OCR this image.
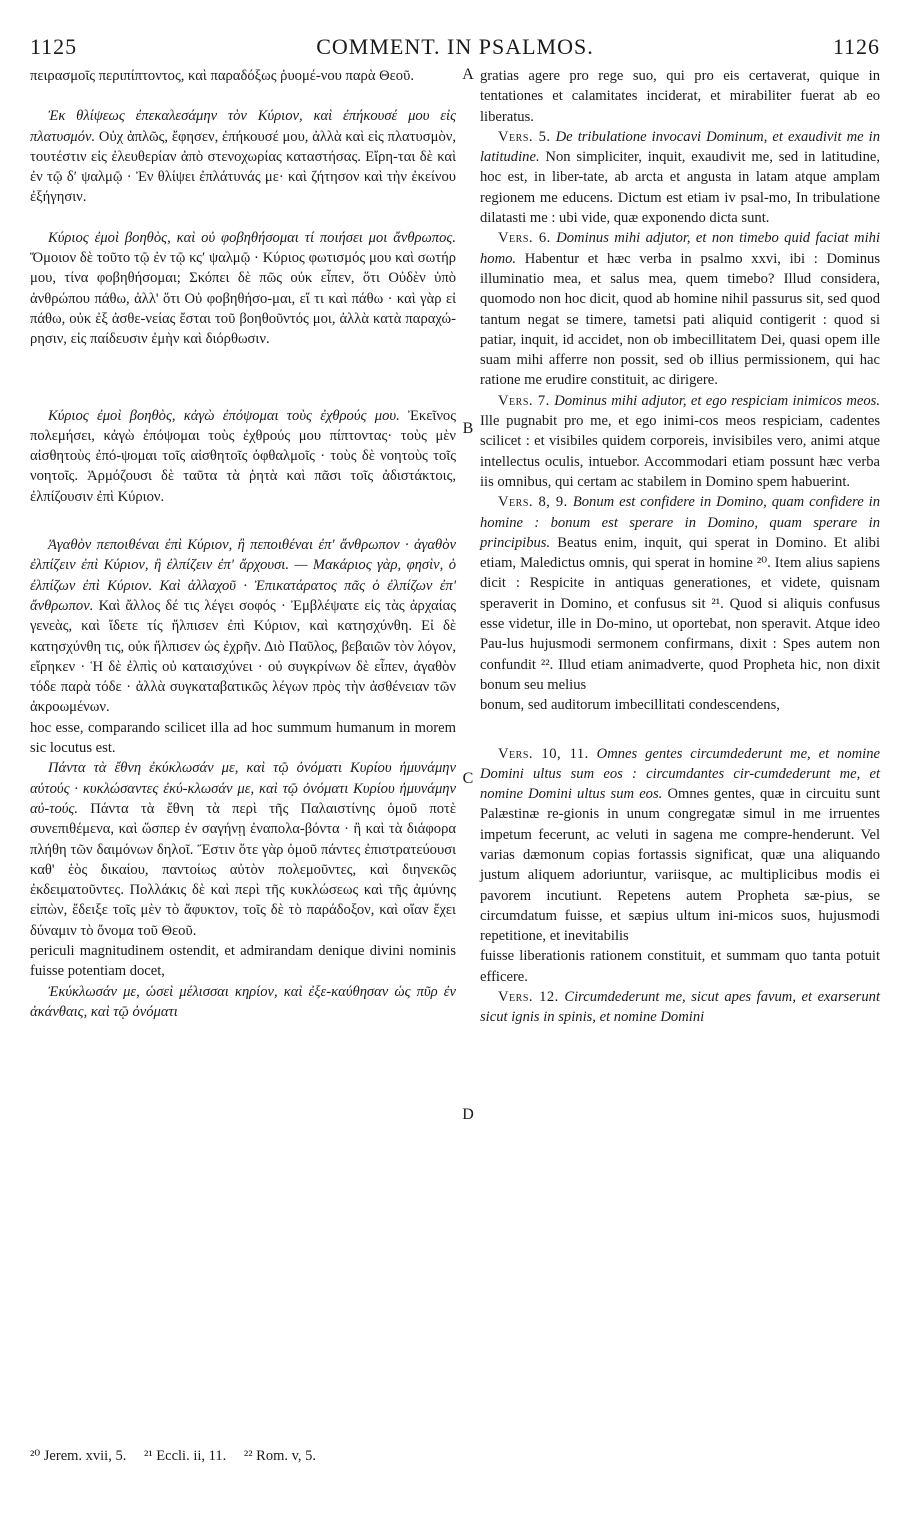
1125	COMMENT. IN PSALMOS.	1126

πειρασμοῖς περιπίπτοντος, καὶ παραδόξως ῥυομέ-νου παρὰ Θεοῦ.

Ἐκ θλίψεως ἐπεκαλεσάμην τὸν Κύριον, καὶ ἐπήκουσέ μου εἰς πλατυσμόν. Οὐχ ἁπλῶς, ἔφησεν, ἐπήκουσέ μου, ἀλλὰ καὶ εἰς πλατυσμὸν, τουτέστιν εἰς ἐλευθερίαν ἀπὸ στενοχωρίας καταστήσας. Εἴρη-ται δὲ καὶ ἐν τῷ δʹ ψαλμῷ · Ἐν θλίψει ἐπλάτυνάς με· καὶ ζήτησον καὶ τὴν ἐκείνου ἐξήγησιν.

Κύριος ἐμοὶ βοηθὸς, καὶ οὐ φοβηθήσομαι τί ποιήσει μοι ἄνθρωπος. Ὅμοιον δὲ τοῦτο τῷ ἐν τῷ κςʹ ψαλμῷ · Κύριος φωτισμός μου καὶ σωτήρ μου, τίνα φοβηθήσομαι; Σκόπει δὲ πῶς οὐκ εἶπεν, ὅτι Οὐδὲν ὑπὸ ἀνθρώπου πάθω, ἀλλ' ὅτι Οὐ φοβηθήσο-μαι, εἴ τι καὶ πάθω · καὶ γὰρ εἰ πάθω, οὐκ ἐξ ἀσθε-νείας ἔσται τοῦ βοηθοῦντός μοι, ἀλλὰ κατὰ παραχώ-ρησιν, εἰς παίδευσιν ἐμὴν καὶ διόρθωσιν.

Κύριος ἐμοὶ βοηθὸς, κἀγὼ ἐπόψομαι τοὺς ἐχθρούς μου. Ἐκεῖνος πολεμήσει, κἀγὼ ἐπόψομαι τοὺς ἐχθρούς μου πίπτοντας· τοὺς μὲν αἰσθητοὺς ἐπό-ψομαι τοῖς αἰσθητοῖς ὀφθαλμοῖς · τοὺς δὲ νοητοὺς τοῖς νοητοῖς. Ἁρμόζουσι δὲ ταῦτα τὰ ῥητὰ καὶ πᾶσι τοῖς ἀδιστάκτοις, ἐλπίζουσιν ἐπὶ Κύριον.

Ἀγαθὸν πεποιθέναι ἐπὶ Κύριον, ἢ πεποιθέναι ἐπ' ἄνθρωπον · ἀγαθὸν ἐλπίζειν ἐπὶ Κύριον, ἢ ἐλπίζειν ἐπ' ἄρχουσι. — Μακάριος γὰρ, φησὶν, ὁ ἐλπίζων ἐπὶ Κύριον. Καὶ ἀλλαχοῦ · Ἐπικατάρατος πᾶς ὁ ἐλπίζων ἐπ' ἄνθρωπον. Καὶ ἄλλος δέ τις λέγει σοφός · Ἐμβλέψατε εἰς τὰς ἀρχαίας γενεὰς, καὶ ἴδετε τίς ἤλπισεν ἐπὶ Κύριον, καὶ κατησχύνθη. Εἰ δὲ κατησχύνθη τις, οὐκ ἤλπισεν ὡς ἐχρῆν. Διὸ Παῦλος, βεβαιῶν τὸν λόγον, εἴρηκεν · Ἡ δὲ ἐλπὶς οὐ καταισχύνει · οὐ συγκρίνων δὲ εἶπεν, ἀγαθὸν τόδε παρὰ τόδε · ἀλλὰ συγκαταβατικῶς λέγων πρὸς τὴν ἀσθένειαν τῶν ἀκροωμένων.

hoc esse, comparando scilicet illa ad hoc summum humanum in morem sic locutus est.

Πάντα τὰ ἔθνη ἐκύκλωσάν με, καὶ τῷ ὀνόματι Κυρίου ἠμυνάμην αὐτούς · κυκλώσαντες ἐκύ-κλωσάν με, καὶ τῷ ὀνόματι Κυρίου ἠμυνάμην αὐ-τούς. Πάντα τὰ ἔθνη τὰ περὶ τῆς Παλαιστίνης ὁμοῦ ποτὲ συνεπιθέμενα, καὶ ὥσπερ ἐν σαγήνῃ ἐναπολα-βόντα · ἢ καὶ τὰ διάφορα πλήθη τῶν δαιμόνων δηλοῖ. Ἔστιν ὅτε γὰρ ὁμοῦ πάντες ἐπιστρατεύουσι καθ' ἑὸς δικαίου, παντοίως αὐτὸν πολεμοῦντες, καὶ διηνεκῶς ἐκδειματοῦντες. Πολλάκις δὲ καὶ περὶ τῆς κυκλώσεως καὶ τῆς ἀμύνης εἰπὼν, ἔδειξε τοῖς μὲν τὸ ἄφυκτον, τοῖς δὲ τὸ παράδοξον, καὶ οἵαν ἔχει δύναμιν τὸ ὄνομα τοῦ Θεοῦ.

periculi magnitudinem ostendit, et admirandam denique divini nominis fuisse potentiam docet,

Ἐκύκλωσάν με, ὡσεὶ μέλισσαι κηρίον, καὶ ἐξε-καύθησαν ὡς πῦρ ἐν ἀκάνθαις, καὶ τῷ ὀνόματι

A
B
C
D

gratias agere pro rege suo, qui pro eis certaverat, quique in tentationes et calamitates inciderat, et mirabiliter fuerat ab eo liberatus.

Vers. 5. De tribulatione invocavi Dominum, et exaudivit me in latitudine. Non simpliciter, inquit, exaudivit me, sed in latitudine, hoc est, in liber-tate, ab arcta et angusta in latam atque amplam regionem me educens. Dictum est etiam iv psal-mo, In tribulatione dilatasti me : ubi vide, quæ exponendo dicta sunt.

Vers. 6. Dominus mihi adjutor, et non timebo quid faciat mihi homo. Habentur et hæc verba in psalmo xxvi, ibi : Dominus illuminatio mea, et salus mea, quem timebo? Illud considera, quomodo non hoc dicit, quod ab homine nihil passurus sit, sed quod tantum negat se timere, tametsi pati aliquid contigerit : quod si patiar, inquit, id accidet, non ob imbecillitatem Dei, quasi opem ille suam mihi afferre non possit, sed ob illius permissionem, qui hac ratione me erudire constituit, ac dirigere.

Vers. 7. Dominus mihi adjutor, et ego respiciam inimicos meos. Ille pugnabit pro me, et ego inimi-cos meos respiciam, cadentes scilicet : et visibiles quidem corporeis, invisibiles vero, animi atque intellectus oculis, intuebor. Accommodari etiam possunt hæc verba iis omnibus, qui certam ac stabilem in Domino spem habuerint.

Vers. 8, 9. Bonum est confidere in Domino, quam confidere in homine : bonum est sperare in Domino, quam sperare in principibus. Beatus enim, inquit, qui sperat in Domino. Et alibi etiam, Maledictus omnis, qui sperat in homine ²⁰. Item alius sapiens dicit : Respicite in antiquas generationes, et videte, quisnam speraverit in Domino, et confusus sit ²¹. Quod si aliquis confusus esse videtur, ille in Do-mino, ut oportebat, non speravit. Atque ideo Pau-lus hujusmodi sermonem confirmans, dixit : Spes autem non confundit ²². Illud etiam animadverte, quod Propheta hic, non dixit bonum seu melius

bonum, sed auditorum imbecillitati condescendens,

Vers. 10, 11. Omnes gentes circumdederunt me, et nomine Domini ultus sum eos : circumdantes cir-cumdederunt me, et nomine Domini ultus sum eos. Omnes gentes, quæ in circuitu sunt Palæstinæ re-gionis in unum congregatæ simul in me irruentes impetum fecerunt, ac veluti in sagena me compre-henderunt. Vel varias dæmonum copias fortassis significat, quæ una aliquando justum aliquem adoriuntur, variisque, ac multiplicibus modis ei pavorem incutiunt. Repetens autem Propheta sæ-pius, se circumdatum fuisse, et sæpius ultum ini-micos suos, hujusmodi repetitione, et inevitabilis

fuisse liberationis rationem constituit, et summam quo tanta potuit efficere.

Vers. 12. Circumdederunt me, sicut apes favum, et exarserunt sicut ignis in spinis, et nomine Domini

²⁰ Jerem. xvii, 5. ²¹ Eccli. ii, 11. ²² Rom. v, 5.
